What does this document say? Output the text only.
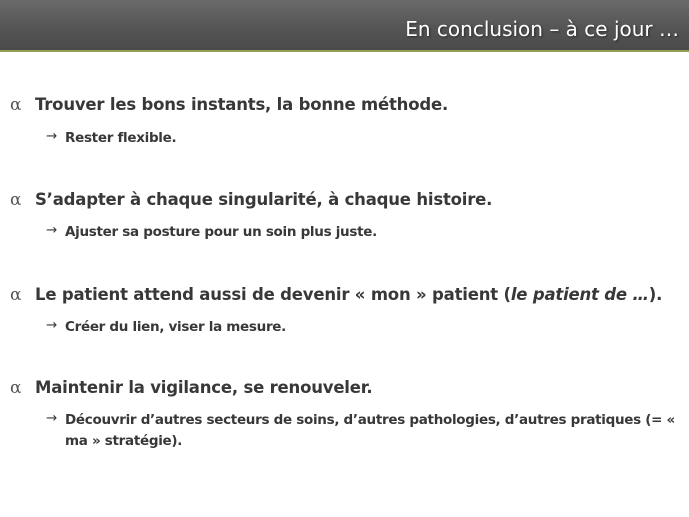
En conclusion – à ce jour …
α Trouver les bons instants, la bonne méthode.
→ Rester flexible.
α S’adapter à chaque singularité, à chaque histoire.
→ Ajuster sa posture pour un soin plus juste.
α Le patient attend aussi de devenir « mon » patient (le patient de …).
→ Créer du lien, viser la mesure.
α Maintenir la vigilance, se renouveler.
→ Découvrir d’autres secteurs de soins, d’autres pathologies, d’autres pratiques (= « ma » stratégie).
